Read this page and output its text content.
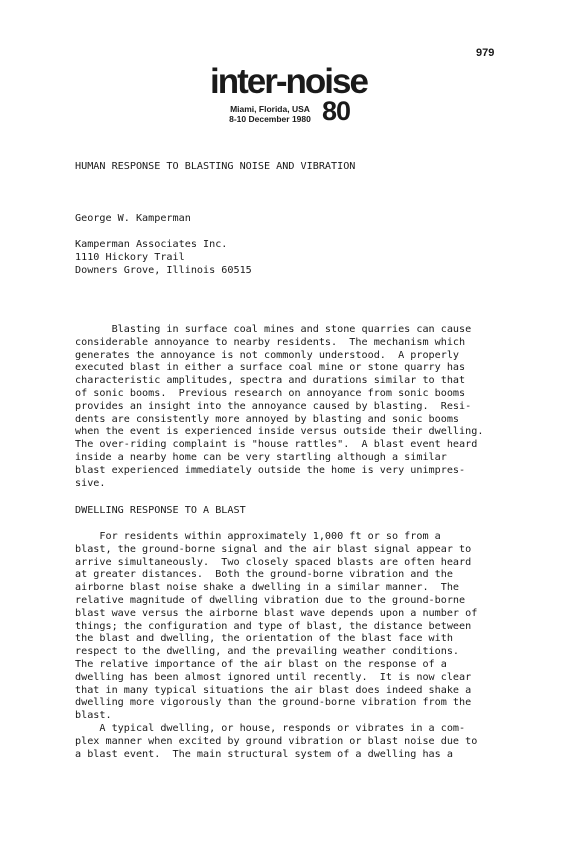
979
inter-noise
Miami, Florida, USA
8-10 December 1980 80
HUMAN RESPONSE TO BLASTING NOISE AND VIBRATION
George W. Kamperman
Kamperman Associates Inc.
1110 Hickory Trail
Downers Grove, Illinois 60515
Blasting in surface coal mines and stone quarries can cause
considerable annoyance to nearby residents.  The mechanism which
generates the annoyance is not commonly understood.  A properly
executed blast in either a surface coal mine or stone quarry has
characteristic amplitudes, spectra and durations similar to that
of sonic booms.  Previous research on annoyance from sonic booms
provides an insight into the annoyance caused by blasting.  Resi-
dents are consistently more annoyed by blasting and sonic booms
when the event is experienced inside versus outside their dwelling.
The over-riding complaint is "house rattles".  A blast event heard
inside a nearby home can be very startling although a similar
blast experienced immediately outside the home is very unimpres-
sive.
DWELLING RESPONSE TO A BLAST
For residents within approximately 1,000 ft or so from a
blast, the ground-borne signal and the air blast signal appear to
arrive simultaneously.  Two closely spaced blasts are often heard
at greater distances.  Both the ground-borne vibration and the
airborne blast noise shake a dwelling in a similar manner.  The
relative magnitude of dwelling vibration due to the ground-borne
blast wave versus the airborne blast wave depends upon a number of
things; the configuration and type of blast, the distance between
the blast and dwelling, the orientation of the blast face with
respect to the dwelling, and the prevailing weather conditions.
The relative importance of the air blast on the response of a
dwelling has been almost ignored until recently.  It is now clear
that in many typical situations the air blast does indeed shake a
dwelling more vigorously than the ground-borne vibration from the
blast.
A typical dwelling, or house, responds or vibrates in a com-
plex manner when excited by ground vibration or blast noise due to
a blast event.  The main structural system of a dwelling has a
